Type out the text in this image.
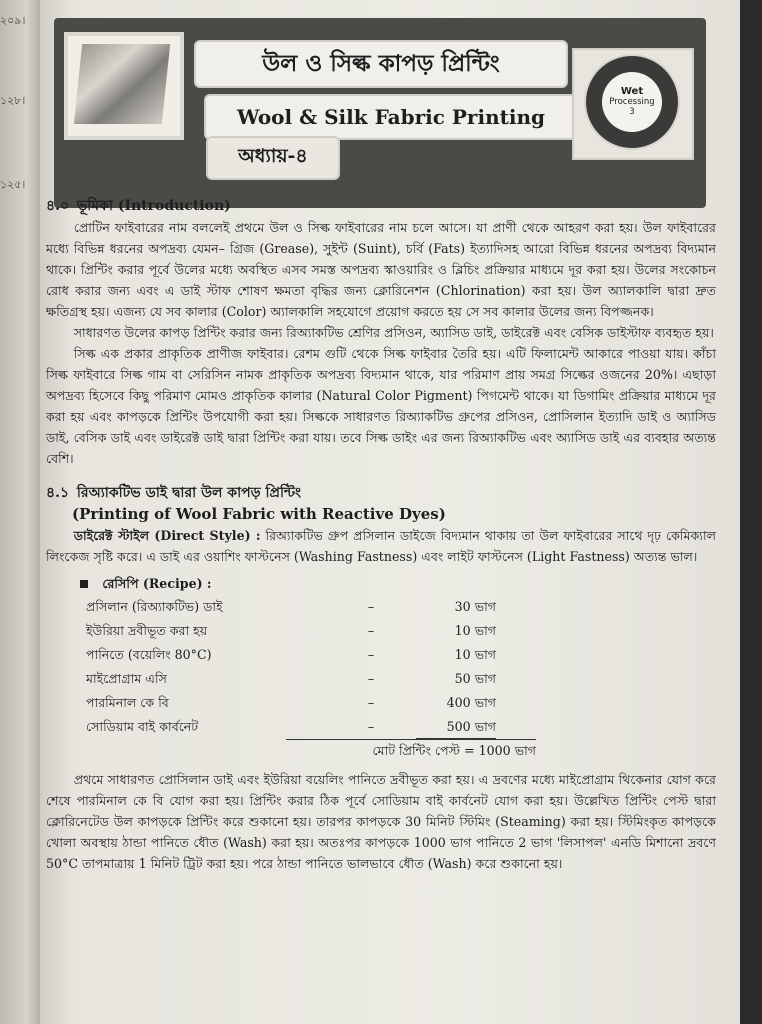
২০৯।
১২৮।
১২৫।
উল ও সিল্ক কাপড় প্রিন্টিং
Wool & Silk Fabric Printing
অধ্যায়-৪
Wet
Processing
3
৪.০ ভূমিকা (Introduction)

প্রোটিন ফাইবারের নাম বললেই প্রথমে উল ও সিল্ক ফাইবারের নাম চলে আসে। যা প্রাণী থেকে আহরণ করা হয়। উল ফাইবারের মধ্যে বিভিন্ন ধরনের অপদ্রব্য যেমন– গ্রিজ (Grease), সুইন্ট (Suint), চর্বি (Fats) ইত্যাদিসহ আরো বিভিন্ন ধরনের অপদ্রব্য বিদ্যমান থাকে। প্রিন্টিং করার পূর্বে উলের মধ্যে অবস্থিত এসব সমস্ত অপদ্রব্য স্কাওয়ারিং ও ব্লিচিং প্রক্রিয়ার মাধ্যমে দূর করা হয়। উলের সংকোচন রোধ করার জন্য এবং এ ডাই স্টাফ শোষণ ক্ষমতা বৃদ্ধির জন্য ক্লোরিনেশন (Chlorination) করা হয়। উল অ্যালকালি দ্বারা দ্রুত ক্ষতিগ্রস্থ হয়। এজন্য যে সব কালার (Color) অ্যালকালি সহযোগে প্রয়োগ করতে হয় সে সব কালার উলের জন্য বিপজ্জনক।

সাধারণত উলের কাপড় প্রিন্টিং করার জন্য রিঅ্যাকটিভ শ্রেণির প্রসিওন, অ্যাসিড ডাই, ডাইরেক্ট এবং বেসিক ডাইস্টাফ ব্যবহৃত হয়।

সিল্ক এক প্রকার প্রাকৃতিক প্রাণীজ ফাইবার। রেশম গুটি থেকে সিল্ক ফাইবার তৈরি হয়। এটি ফিলামেন্ট আকারে পাওয়া যায়। কাঁচা সিল্ক ফাইবারে সিল্ক গাম বা সেরিসিন নামক প্রাকৃতিক অপদ্রব্য বিদ্যমান থাকে, যার পরিমাণ প্রায় সমগ্র সিল্কের ওজনের 20%। এছাড়া অপদ্রব্য হিসেবে কিছু পরিমাণ মোমও প্রাকৃতিক কালার (Natural Color Pigment) পিগমেন্ট থাকে। যা ডিগামিং প্রক্রিয়ার মাধ্যমে দূর করা হয় এবং কাপড়কে প্রিন্টিং উপযোগী করা হয়। সিল্ককে সাধারণত রিঅ্যাকটিভ গ্রুপের প্রসিওন, প্রোসিলান ইত্যাদি ডাই ও অ্যাসিড ডাই, বেসিক ডাই এবং ডাইরেক্ট ডাই দ্বারা প্রিন্টিং করা যায়। তবে সিল্ক ডাইং এর জন্য রিঅ্যাকটিভ এবং অ্যাসিড ডাই এর ব্যবহার অত্যন্ত বেশি।

৪.১ রিঅ্যাকটিভ ডাই দ্বারা উল কাপড় প্রিন্টিং
(Printing of Wool Fabric with Reactive Dyes)

ডাইরেক্ট স্টাইল (Direct Style) : রিঅ্যাকটিভ গ্রুপ প্রসিলান ডাইজে বিদ্যমান থাকায় তা উল ফাইবারের সাথে দৃঢ় কেমিক্যাল লিংকেজ সৃষ্টি করে। এ ডাই এর ওয়াশিং ফাস্টনেস (Washing Fastness) এবং লাইট ফাস্টনেস (Light Fastness) অত্যন্ত ভাল।

রেসিপি (Recipe) :
প্রসিলান (রিঅ্যাকটিভ) ডাই	–	30 ভাগ
ইউরিয়া দ্রবীভূত করা হয়	–	10 ভাগ
পানিতে (বয়েলিং 80°C)	–	10 ভাগ
মাইপ্রোগ্রাম এসি	–	50 ভাগ
পারমিনাল কে বি	–	400 ভাগ
সোডিয়াম বাই কার্বনেট	–	500 ভাগ
মোট প্রিন্টিং পেস্ট = 1000 ভাগ

প্রথমে সাধারণত প্রোসিলান ডাই এবং ইউরিয়া বয়েলিং পানিতে দ্রবীভূত করা হয়। এ দ্রবণের মধ্যে মাইপ্রোগ্রাম থিকেনার যোগ করে শেষে পারমিনাল কে বি যোগ করা হয়। প্রিন্টিং করার ঠিক পূর্বে সোডিয়াম বাই কার্বনেট যোগ করা হয়। উল্লেখিত প্রিন্টিং পেস্ট দ্বারা ক্লোরিনেটেড উল কাপড়কে প্রিন্টিং করে শুকানো হয়। তারপর কাপড়কে 30 মিনিট স্টিমিং (Steaming) করা হয়। স্টিমিংকৃত কাপড়কে খোলা অবস্থায় ঠান্ডা পানিতে ধৌত (Wash) করা হয়। অতঃপর কাপড়কে 1000 ভাগ পানিতে 2 ভাগ 'লিসাপল' এনডি মিশানো দ্রবণে 50°C তাপমাত্রায় 1 মিনিট ট্রিট করা হয়। পরে ঠান্ডা পানিতে ভালভাবে ধৌত (Wash) করে শুকানো হয়।
